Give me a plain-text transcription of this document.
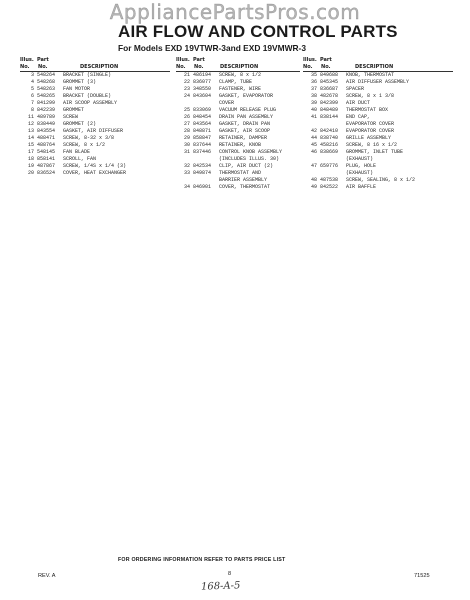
AppliancePartsPros.com
AIR FLOW AND CONTROL PARTS
For Models EXD 19VTWR-3and EXD 19VMWR-3
Illus. Part
No. No.	DESCRIPTION
3 548264	BRACKET (SINGLE)
4 548268	GROMMET (3)
5 548263	FAN MOTOR
6 548265	BRACKET (DOUBLE)
7 841299	AIR SCOOP ASSEMBLY
8 842239	GROMMET
11 489789	SCREW
12 838449	GROMMET (2)
13 843554	GASKET, AIR DIFFUSER
14 488471	SCREW, 8-32 x 3/8
15 488764	SCREW, 8 x 1/2
17 548145	FAN BLADE
18 858141	SCROLL, FAN
19 487867	SCREW, 1/4S x 1/4 (3)
20 836524	COVER, HEAT EXCHANGER
Illus. Part
No. No.	DESCRIPTION
21 486194	SCREW, 8 x 1/2
22 836077	CLAMP, TUBE
23 348550	FASTENER, WIRE
24 843604	GASKET, EVAPORATOR
COVER
25 833069	VACUUM RELEASE PLUG
26 848454	DRAIN PAN ASSEMBLY
27 843564	GASKET, DRAIN PAN
28 848871	GASKET, AIR SCOOP
29 858847	RETAINER, DAMPER
30 837644	RETAINER, KNOB
31 837446	CONTROL KNOB ASSEMBLY
(INCLUDES ILLUS. 30)
32 842534	CLIP, AIR DUCT (2)
33 849874	THERMOSTAT AND
BARRIER ASSEMBLY
34 846901	COVER, THERMOSTAT
Illus. Part
No. No.	DESCRIPTION
35 849688	KNOB, THERMOSTAT
36 845345	AIR DIFFUSER ASSEMBLY
37 836687	SPACER
38 482678	SCREW, 8 x 1 3/8
39 842399	AIR DUCT
40 848489	THERMOSTAT BOX
41 838144	END CAP,
EVAPORATOR COVER
42 842410	EVAPORATOR COVER
44 838740	GRILLE ASSEMBLY
45 458216	SCREW, 8 16 x 1/2
46 838669	GROMMET, INLET TUBE
(EXHAUST)
47 659776	PLUG, HOLE
(EXHAUST)
48 487538	SCREW, SEALING, 8 x 1/2
49 842522	AIR BAFFLE
FOR ORDERING INFORMATION REFER TO PARTS PRICE LIST
REV. A	8	71525
168-A-5
